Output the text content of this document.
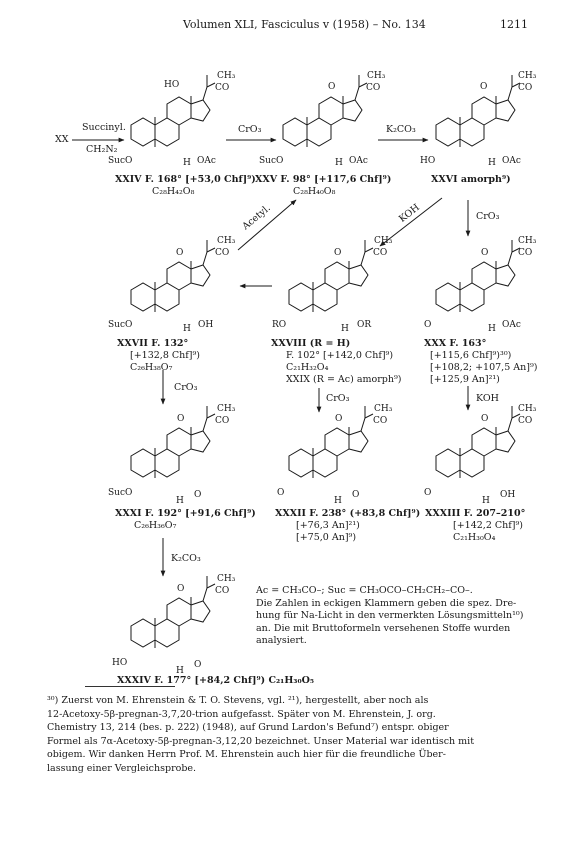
Volumen XLI, Fasciculus v (1958) – No. 134	1211
XX
Succinyl.
CH₂N₂
CrO₃	K₂CO₃
Acetyl.	KOH	CrO₃
CrO₃
CrO₃	KOH
K₂CO₃
CH₃
CO
HO
SucO	H OAc
XXIV F. 168° [+53,0 Chf]⁹)
C₂₈H₄₂O₈
CH₃
CO
O
SucO	H OAc
XXV F. 98° [+117,6 Chf]⁹)
C₂₈H₄₀O₈
CH₃
CO
O
HO	H OAc
XXVI amorph⁹)
CH₃
CO
O
SucO	H OH
XXVII F. 132°
[+132,8 Chf]⁹)
C₂₆H₃₈O₇
CH₃
CO
O
RO	H OR
XXVIII (R = H)
F. 102° [+142,0 Chf]⁹)
C₂₁H₃₂O₄
XXIX (R = Ac) amorph⁹)
CH₃
CO
O
O	H OAc
XXX F. 163°
[+115,6 Chf]⁹)³⁰)
[+108,2; +107,5 An]⁹)
[+125,9 An]²¹)
CH₃
CO
O
SucO
H
O
XXXI F. 192° [+91,6 Chf]⁹)
C₂₆H₃₆O₇
CH₃
CO
O
O
H
O
XXXII F. 238° (+83,8 Chf]⁹)
[+76,3 An]²¹)
[+75,0 An]⁹)
CH₃
CO
O
O
H
OH
XXXIII F. 207–210°
[+142,2 Chf]⁹)
C₂₁H₃₀O₄
CH₃
CO
O
HO
H
O
XXXIV F. 177° [+84,2 Chf]⁹) C₂₁H₃₀O₅
Ac = CH₃CO–; Suc = CH₃OCO–CH₂CH₂–CO–.
Die Zahlen in eckigen Klammern geben die spez. Dre-
hung für Na-Licht in den vermerkten Lösungsmitteln¹⁰)
an. Die mit Bruttoformeln versehenen Stoffe wurden
analysiert.
³⁰) Zuerst von M. Ehrenstein & T. O. Stevens, vgl. ²¹), hergestellt, aber noch als
12-Acetoxy-5β-pregnan-3,7,20-trion aufgefasst. Später von M. Ehrenstein, J. org.
Chemistry 13, 214 (bes. p. 222) (1948), auf Grund Lardon's Befund⁷) entspr. obiger
Formel als 7α-Acetoxy-5β-pregnan-3,12,20 bezeichnet. Unser Material war identisch mit
obigem. Wir danken Herrn Prof. M. Ehrenstein auch hier für die freundliche Über-
lassung einer Vergleichsprobe.
